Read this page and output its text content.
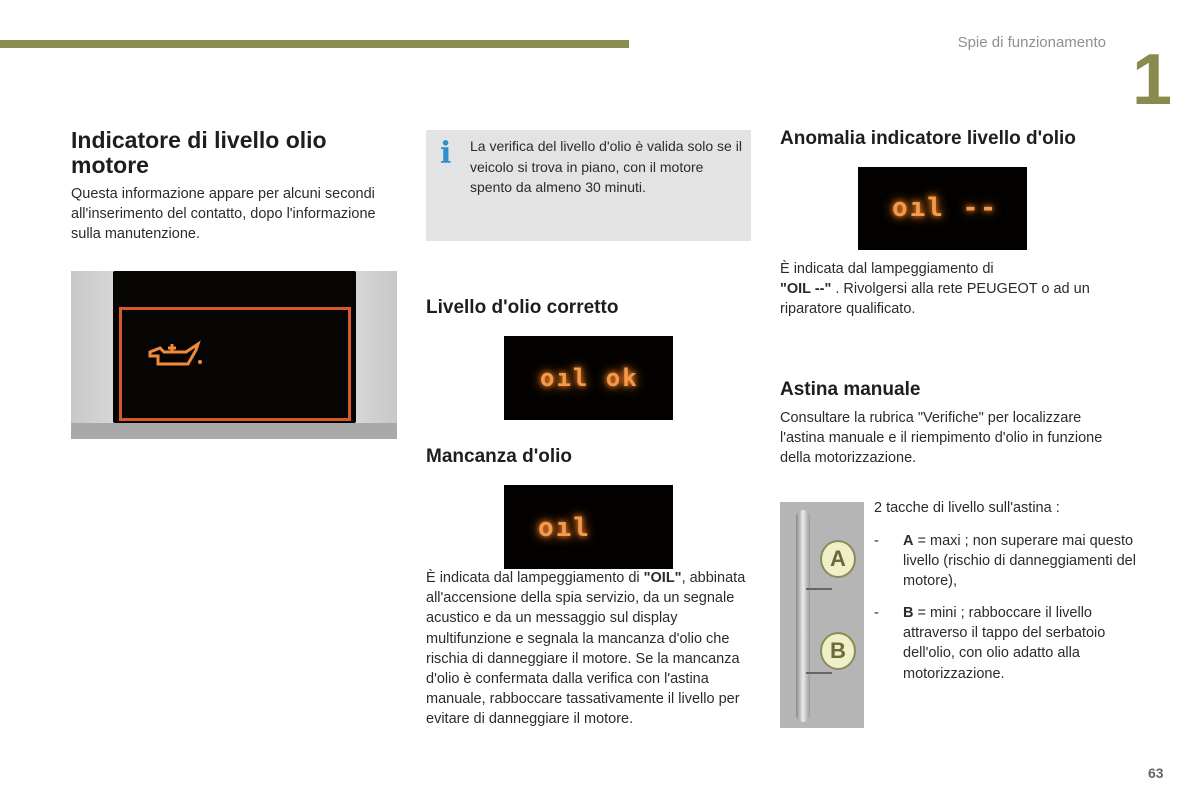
Spie di funzionamento 1
Indicatore di livello olio motore

Questa informazione appare per alcuni secondi all'inserimento del contatto, dopo l'informazione sulla manutenzione.

i La verifica del livello d'olio è valida solo se il veicolo si trova in piano, con il motore spento da almeno 30 minuti.
Livello d'olio corretto
oıl ok
Mancanza d'olio
oıl

È indicata dal lampeggiamento di "OIL", abbinata all'accensione della spia servizio, da un segnale acustico e da un messaggio sul display multifunzione e segnala la mancanza d'olio che rischia di danneggiare il motore. Se la mancanza d'olio è confermata dalla verifica con l'astina manuale, rabboccare tassativamente il livello per evitare di danneggiare il motore.

Anomalia indicatore livello d'olio
oıl --

È indicata dal lampeggiamento di
"OIL --" . Rivolgersi alla rete PEUGEOT o ad un riparatore qualificato.

Astina manuale

Consultare la rubrica "Verifiche" per localizzare l'astina manuale e il riempimento d'olio in funzione della motorizzazione.

A
B

2 tacche di livello sull'astina :

- A = maxi ; non superare mai questo livello (rischio di danneggiamenti del motore),
- B = mini ; rabboccare il livello attraverso il tappo del serbatoio dell'olio, con olio adatto alla motorizzazione.
63
